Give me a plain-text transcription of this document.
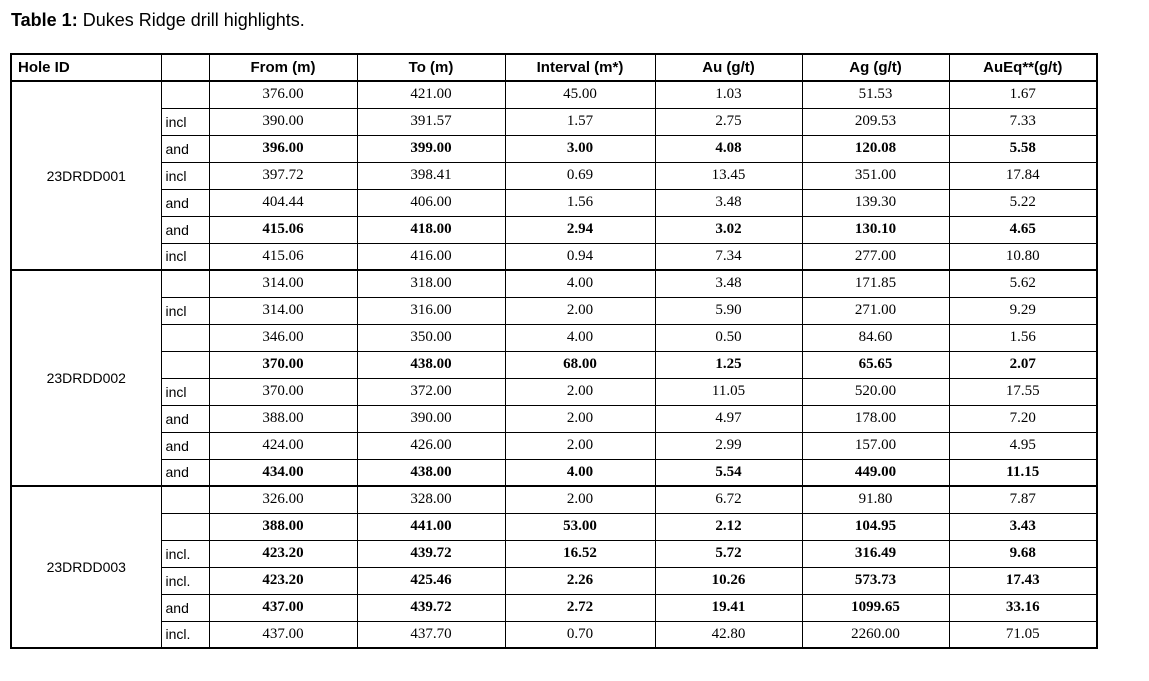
Table 1: Dukes Ridge drill highlights.
Hole ID		From (m)	To (m)	Interval (m*)	Au (g/t)	Ag (g/t)	AuEq**(g/t)
23DRDD001		376.00	421.00	45.00	1.03	51.53	1.67
	incl	390.00	391.57	1.57	2.75	209.53	7.33
	and	396.00	399.00	3.00	4.08	120.08	5.58
	incl	397.72	398.41	0.69	13.45	351.00	17.84
	and	404.44	406.00	1.56	3.48	139.30	5.22
	and	415.06	418.00	2.94	3.02	130.10	4.65
	incl	415.06	416.00	0.94	7.34	277.00	10.80
23DRDD002		314.00	318.00	4.00	3.48	171.85	5.62
	incl	314.00	316.00	2.00	5.90	271.00	9.29
		346.00	350.00	4.00	0.50	84.60	1.56
		370.00	438.00	68.00	1.25	65.65	2.07
	incl	370.00	372.00	2.00	11.05	520.00	17.55
	and	388.00	390.00	2.00	4.97	178.00	7.20
	and	424.00	426.00	2.00	2.99	157.00	4.95
	and	434.00	438.00	4.00	5.54	449.00	11.15
23DRDD003		326.00	328.00	2.00	6.72	91.80	7.87
		388.00	441.00	53.00	2.12	104.95	3.43
	incl.	423.20	439.72	16.52	5.72	316.49	9.68
	incl.	423.20	425.46	2.26	10.26	573.73	17.43
	and	437.00	439.72	2.72	19.41	1099.65	33.16
	incl.	437.00	437.70	0.70	42.80	2260.00	71.05
